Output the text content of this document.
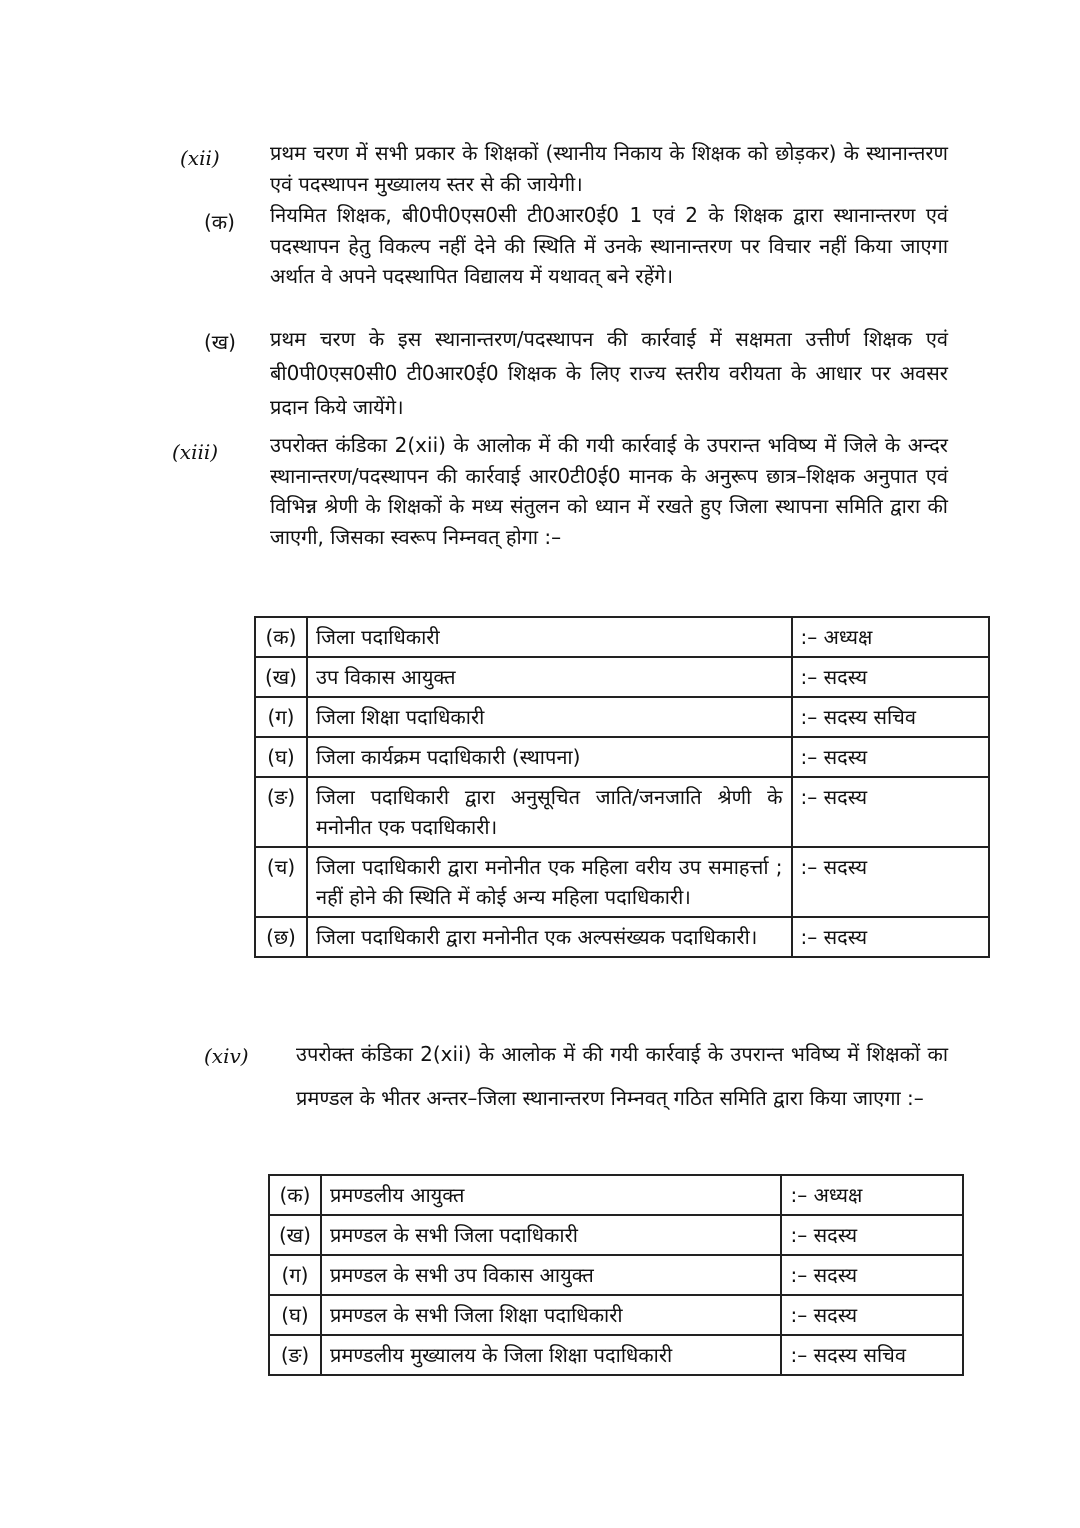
(xii)	प्रथम चरण में सभी प्रकार के शिक्षकों (स्थानीय निकाय के शिक्षक को छोड़कर) के स्थानान्तरण एवं पदस्थापन मुख्यालय स्तर से की जायेगी।
(क) नियमित शिक्षक, बी0पी0एस0सी टी0आर0ई0 1 एवं 2 के शिक्षक द्वारा स्थानान्तरण एवं पदस्थापन हेतु विकल्प नहीं देने की स्थिति में उनके स्थानान्तरण पर विचार नहीं किया जाएगा अर्थात वे अपने पदस्थापित विद्यालय में यथावत् बने रहेंगे।
(ख) प्रथम चरण के इस स्थानान्तरण/पदस्थापन की कार्रवाई में सक्षमता उत्तीर्ण शिक्षक एवं बी0पी0एस0सी0 टी0आर0ई0 शिक्षक के लिए राज्य स्तरीय वरीयता के आधार पर अवसर प्रदान किये जायेंगे।
(xiii)	उपरोक्त कंडिका 2(xii) के आलोक में की गयी कार्रवाई के उपरान्त भविष्य में जिले के अन्दर स्थानान्तरण/पदस्थापन की कार्रवाई आर0टी0ई0 मानक के अनुरूप छात्र–शिक्षक अनुपात एवं विभिन्न श्रेणी के शिक्षकों के मध्य संतुलन को ध्यान में रखते हुए जिला स्थापना समिति द्वारा की जाएगी, जिसका स्वरूप निम्नवत् होगा :–
(क)	जिला पदाधिकारी	:– अध्यक्ष
(ख)	उप विकास आयुक्त	:– सदस्य
(ग)	जिला शिक्षा पदाधिकारी	:– सदस्य सचिव
(घ)	जिला कार्यक्रम पदाधिकारी (स्थापना)	:– सदस्य
(ङ)	जिला पदाधिकारी द्वारा अनुसूचित जाति/जनजाति श्रेणी के मनोनीत एक पदाधिकारी।	:– सदस्य
(च)	जिला पदाधिकारी द्वारा मनोनीत एक महिला वरीय उप समाहर्त्ता ; नहीं होने की स्थिति में कोई अन्य महिला पदाधिकारी।	:– सदस्य
(छ)	जिला पदाधिकारी द्वारा मनोनीत एक अल्पसंख्यक पदाधिकारी।	:– सदस्य
(xiv) उपरोक्त कंडिका 2(xii) के आलोक में की गयी कार्रवाई के उपरान्त भविष्य में शिक्षकों का प्रमण्डल के भीतर अन्तर–जिला स्थानान्तरण निम्नवत् गठित समिति द्वारा किया जाएगा :–
(क)	प्रमण्डलीय आयुक्त	:– अध्यक्ष
(ख)	प्रमण्डल के सभी जिला पदाधिकारी	:– सदस्य
(ग)	प्रमण्डल के सभी उप विकास आयुक्त	:– सदस्य
(घ)	प्रमण्डल के सभी जिला शिक्षा पदाधिकारी	:– सदस्य
(ङ)	प्रमण्डलीय मुख्यालय के जिला शिक्षा पदाधिकारी	:– सदस्य सचिव
